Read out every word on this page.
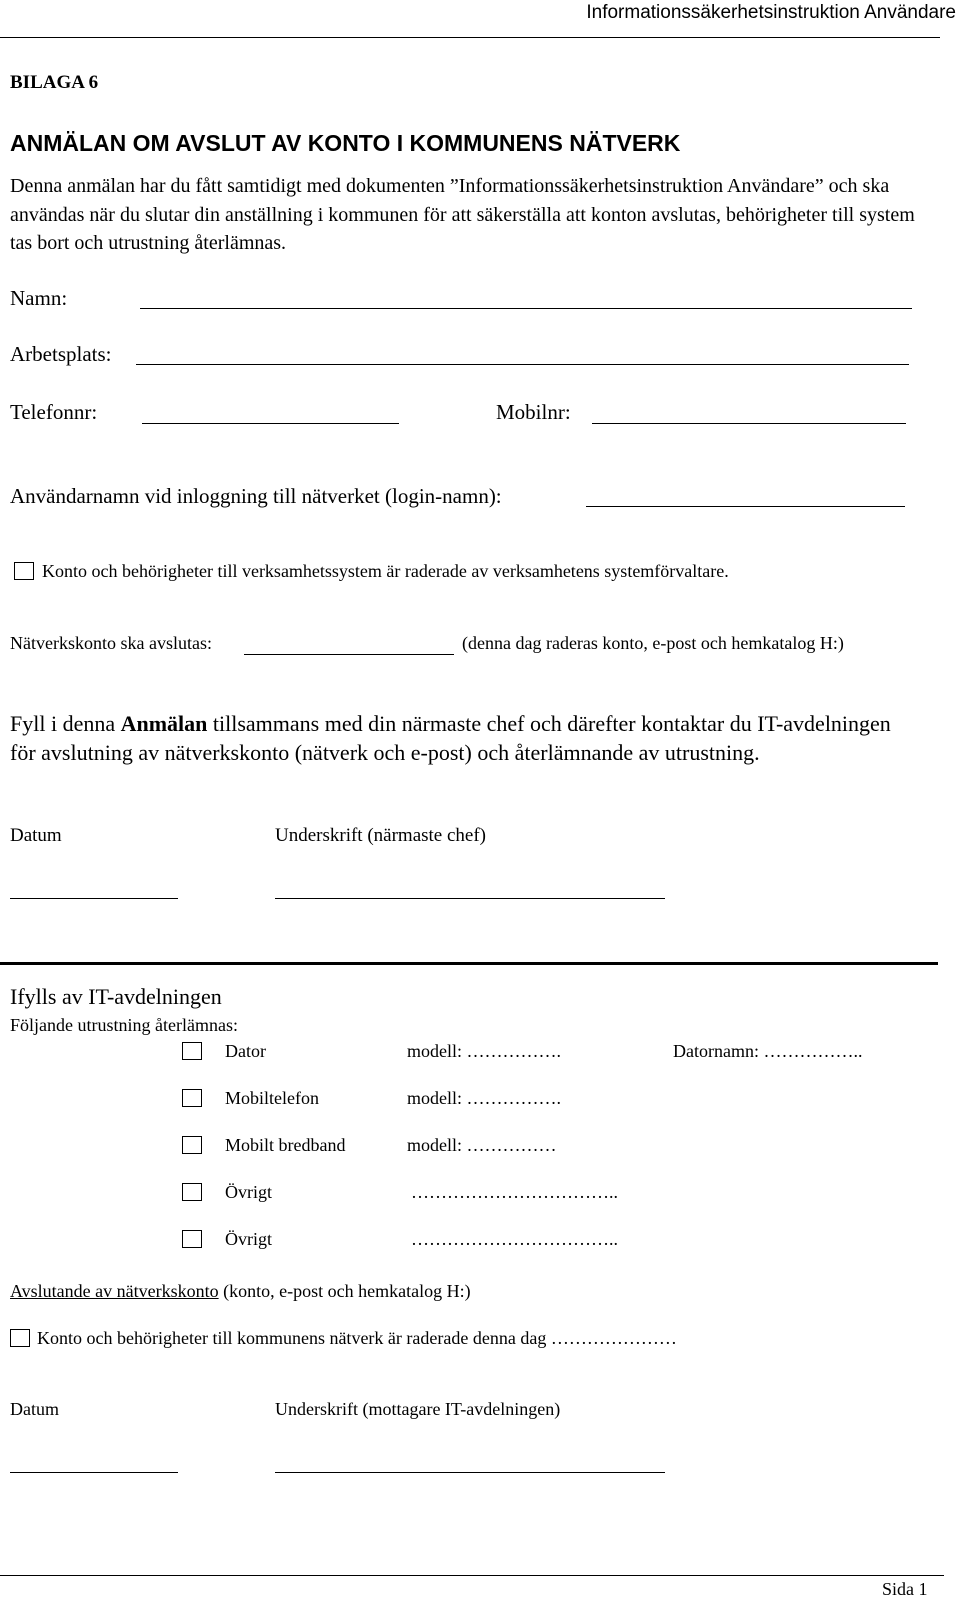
Informationssäkerhetsinstruktion Användare
BILAGA 6
ANMÄLAN OM AVSLUT AV KONTO I KOMMUNENS NÄTVERK
Denna anmälan har du fått samtidigt med dokumenten ”Informationssäkerhetsinstruktion Användare” och ska användas när du slutar din anställning i kommunen för att säkerställa att konton avslutas, behörigheter till system tas bort och utrustning återlämnas.
Namn:
Arbetsplats:
Telefonnr:	Mobilnr:
Användarnamn vid inloggning till nätverket (login-namn):
Konto och behörigheter till verksamhetssystem är raderade av verksamhetens systemförvaltare.
Nätverkskonto ska avslutas:	(denna dag raderas konto, e-post och hemkatalog H:)
Fyll i denna Anmälan tillsammans med din närmaste chef och därefter kontaktar du IT-avdelningen för avslutning av nätverkskonto (nätverk och e-post) och återlämnande av utrustning.
Datum	Underskrift (närmaste chef)
Ifylls av IT-avdelningen
Följande utrustning återlämnas:
Dator	modell: …………….	Datornamn: ……………..
Mobiltelefon	modell: …………….
Mobilt bredband	modell: ……………
Övrigt	……………………………..
Övrigt	……………………………..
Avslutande av nätverkskonto (konto, e-post och hemkatalog H:)
Konto och behörigheter till kommunens nätverk är raderade denna dag …………………
Datum	Underskrift (mottagare IT-avdelningen)
Sida 1
